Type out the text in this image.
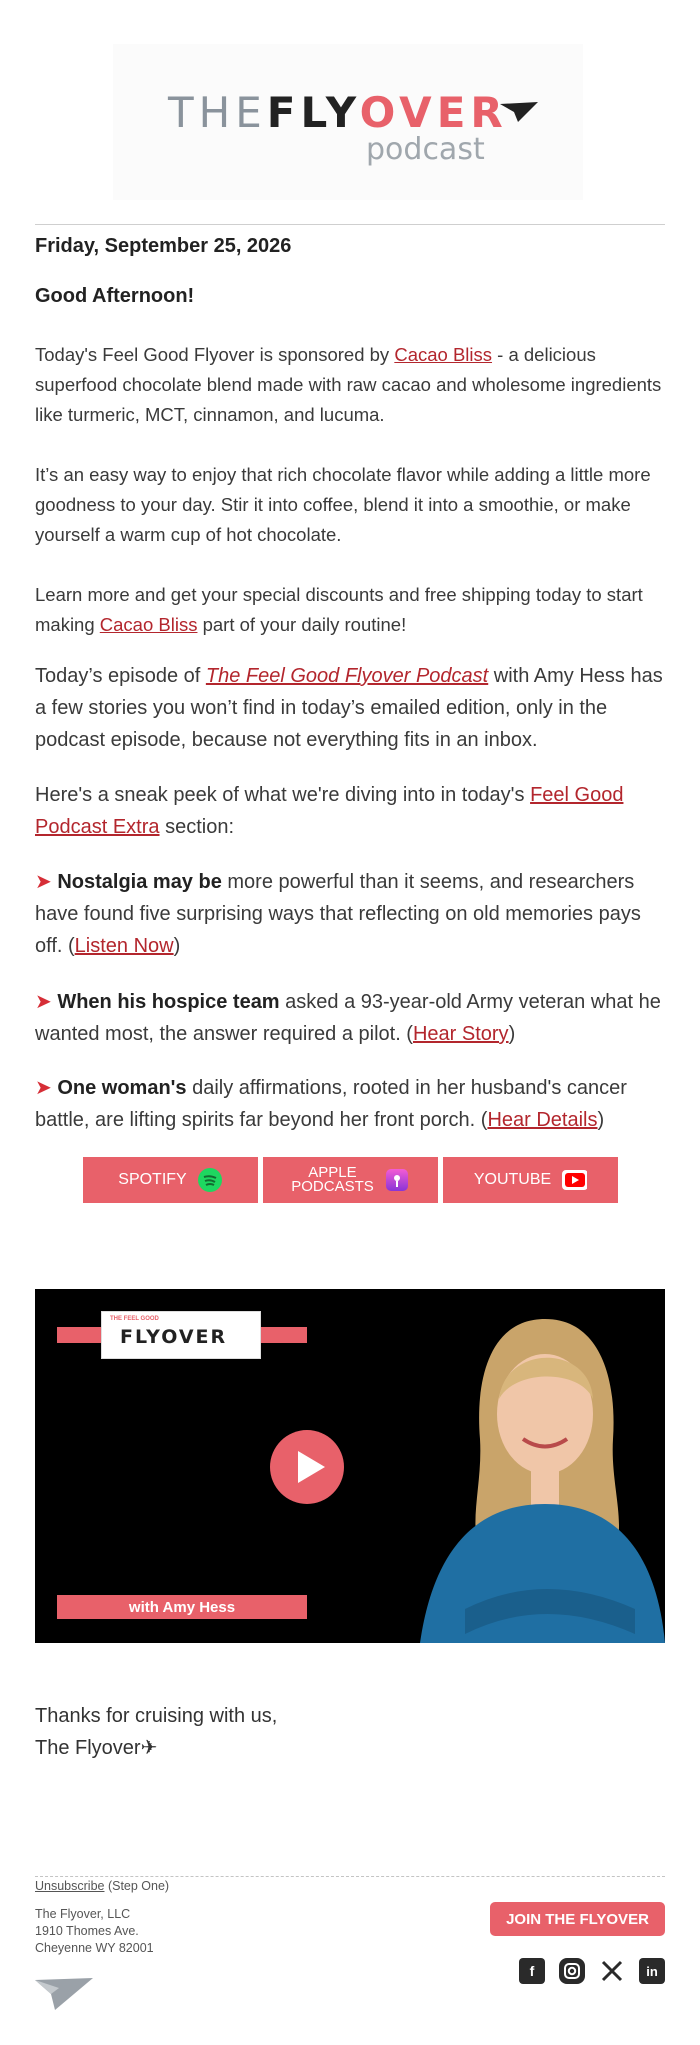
THEFLYOVER
podcast
Friday, September 25, 2026
Good Afternoon!
Today's Feel Good Flyover is sponsored by Cacao Bliss - a delicious superfood chocolate blend made with raw cacao and wholesome ingredients like turmeric, MCT, cinnamon, and lucuma.
It’s an easy way to enjoy that rich chocolate flavor while adding a little more goodness to your day. Stir it into coffee, blend it into a smoothie, or make yourself a warm cup of hot chocolate.
Learn more and get your special discounts and free shipping today to start making Cacao Bliss part of your daily routine!
Today’s episode of The Feel Good Flyover Podcast with Amy Hess has a few stories you won’t find in today’s emailed edition, only in the podcast episode, because not everything fits in an inbox.
Here's a sneak peek of what we're diving into in today's Feel Good Podcast Extra section:
➤ Nostalgia may be more powerful than it seems, and researchers have found five surprising ways that reflecting on old memories pays off. (Listen Now)
➤ When his hospice team asked a 93-year-old Army veteran what he wanted most, the answer required a pilot. (Hear Story)
➤ One woman's daily affirmations, rooted in her husband's cancer battle, are lifting spirits far beyond her front porch. (Hear Details)
SPOTIFY	APPLE
PODCASTS	YOUTUBE
THE FEEL GOOD
FLYOVER
with Amy Hess
Thanks for cruising with us,
The Flyover✈
Unsubscribe (Step One)
The Flyover, LLC
1910 Thomes Ave.
Cheyenne WY 82001
JOIN THE FLYOVER
f	in
